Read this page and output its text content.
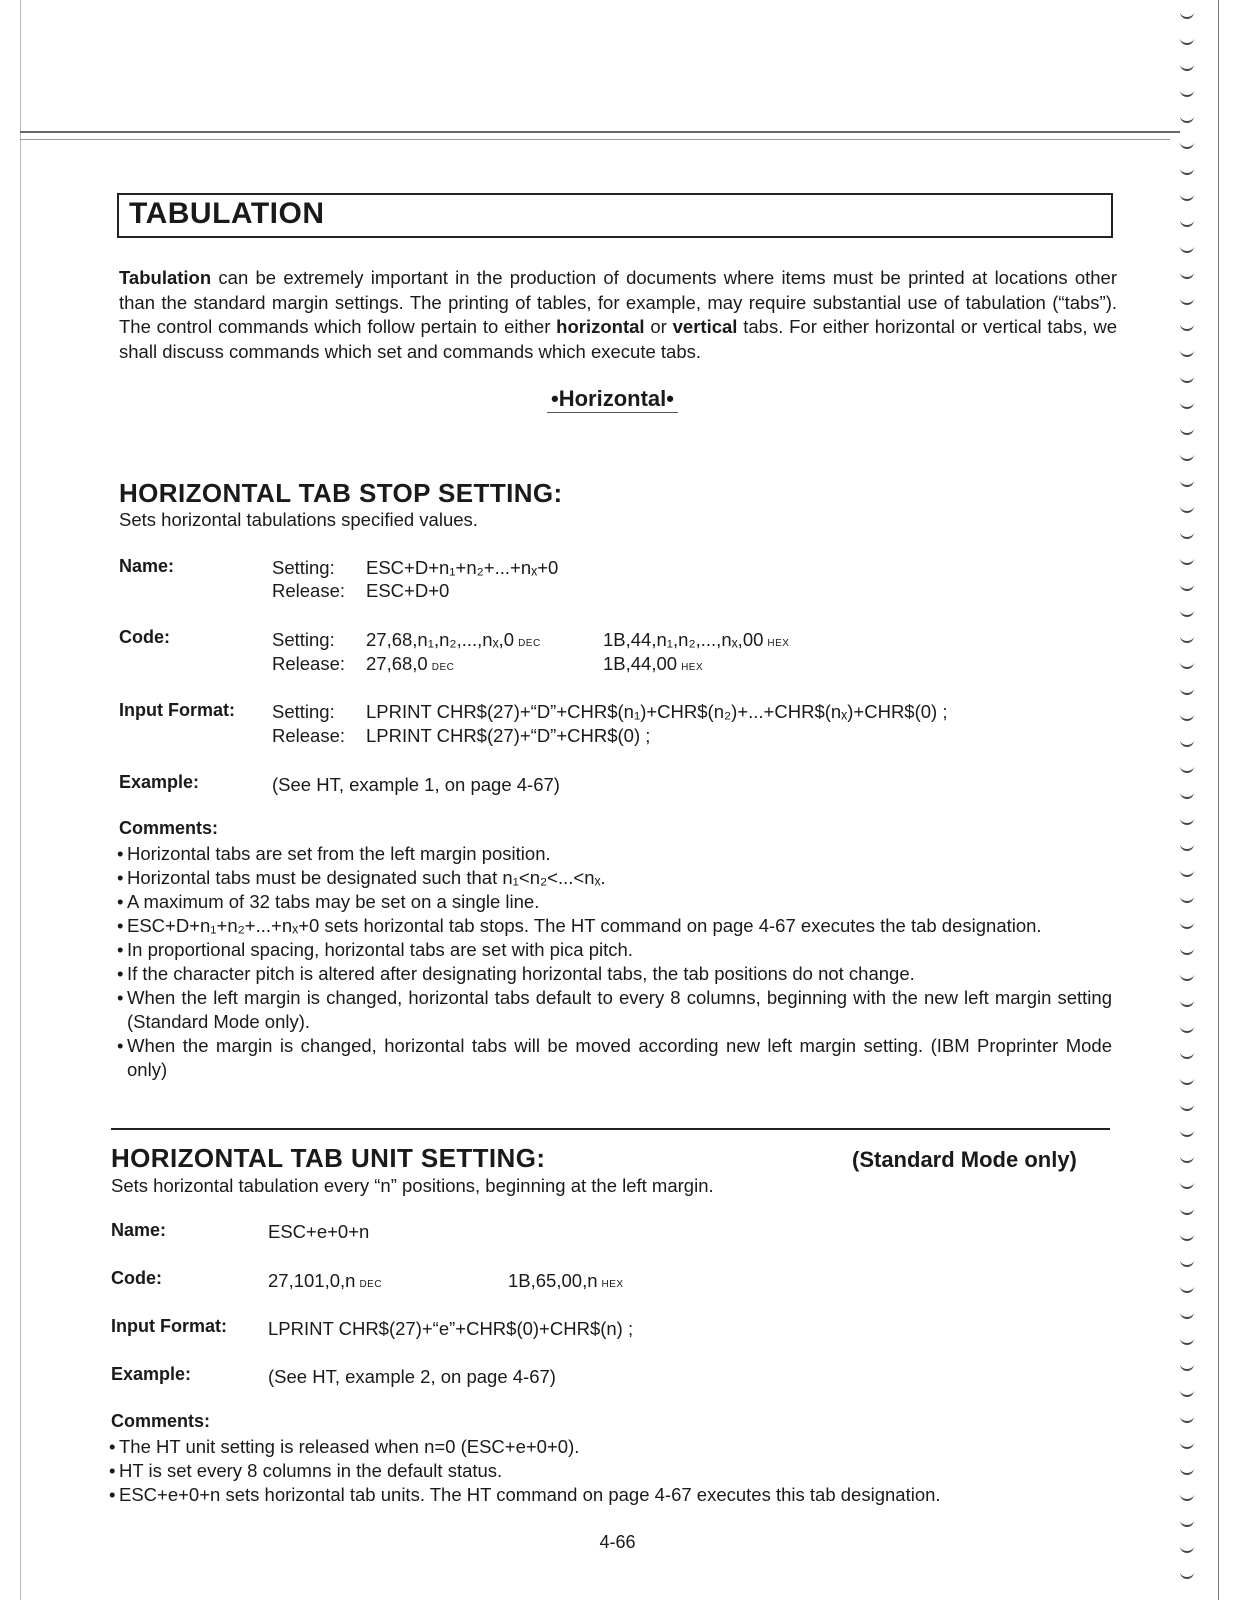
TABULATION
Tabulation can be extremely important in the production of documents where items must be printed at locations other than the standard margin settings. The printing of tables, for example, may require substantial use of tabulation (“tabs”). The control commands which follow pertain to either horizontal or vertical tabs. For either horizontal or vertical tabs, we shall discuss commands which set and commands which execute tabs.
•Horizontal•
HORIZONTAL TAB STOP SETTING:
Sets horizontal tabulations specified values.
Name:	Setting: ESC+D+n₁+n₂+...+nₓ+0
Release: ESC+D+0
Code:	Setting: 27,68,n₁,n₂,...,nₓ,0 DEC	1B,44,n₁,n₂,...,nₓ,00 HEX
Release: 27,68,0 DEC	1B,44,00 HEX
Input Format: Setting: LPRINT CHR$(27)+“D”+CHR$(n₁)+CHR$(n₂)+...+CHR$(nₓ)+CHR$(0) ;
Release: LPRINT CHR$(27)+“D”+CHR$(0) ;
Example:	(See HT, example 1, on page 4-67)
Comments:
• Horizontal tabs are set from the left margin position.
• Horizontal tabs must be designated such that n₁<n₂<...<nₓ.
• A maximum of 32 tabs may be set on a single line.
• ESC+D+n₁+n₂+...+nₓ+0 sets horizontal tab stops. The HT command on page 4-67 executes the tab designation.
• In proportional spacing, horizontal tabs are set with pica pitch.
• If the character pitch is altered after designating horizontal tabs, the tab positions do not change.
• When the left margin is changed, horizontal tabs default to every 8 columns, beginning with the new left margin setting (Standard Mode only).
• When the margin is changed, horizontal tabs will be moved according new left margin setting. (IBM Proprinter Mode only)
HORIZONTAL TAB UNIT SETTING:	(Standard Mode only)
Sets horizontal tabulation every “n” positions, beginning at the left margin.
Name:	ESC+e+0+n
Code:	27,101,0,n DEC	1B,65,00,n HEX
Input Format: LPRINT CHR$(27)+“e”+CHR$(0)+CHR$(n) ;
Example:	(See HT, example 2, on page 4-67)
Comments:
• The HT unit setting is released when n=0 (ESC+e+0+0).
• HT is set every 8 columns in the default status.
• ESC+e+0+n sets horizontal tab units. The HT command on page 4-67 executes this tab designation.
4-66
